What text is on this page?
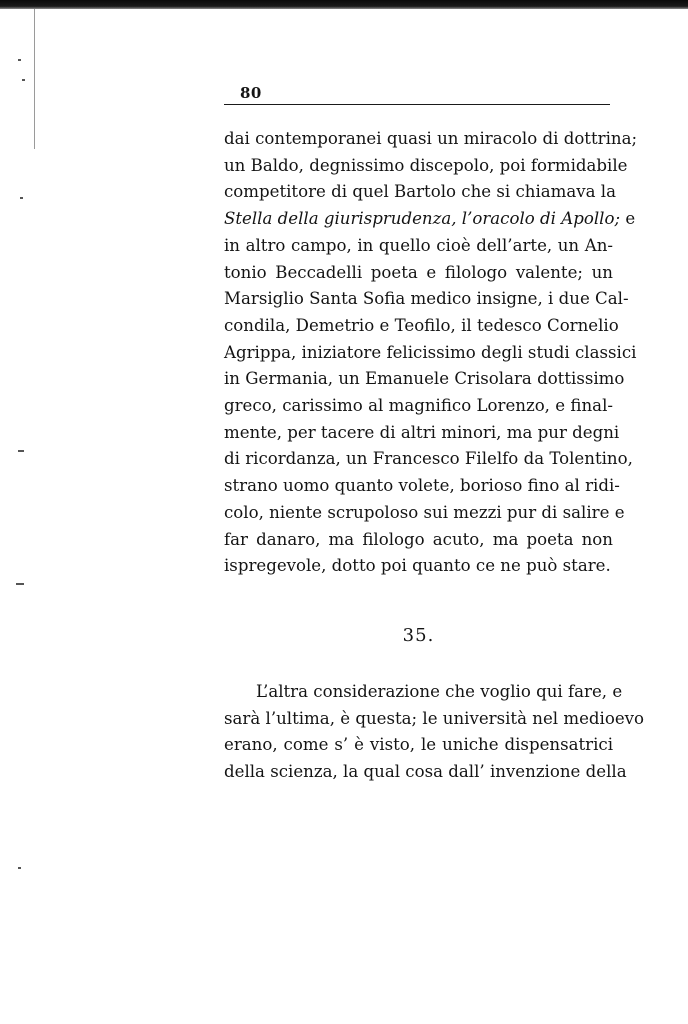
80
dai contemporanei quasi un miracolo di dottrina;
un Baldo, degnissimo discepolo, poi formidabile
competitore di quel Bartolo che si chiamava la
Stella della giurisprudenza, l’oracolo di Apollo; e
in altro campo, in quello cioè dell’arte, un An-
tonio Beccadelli poeta e filologo valente; un
Marsiglio Santa Sofia medico insigne, i due Cal-
condila, Demetrio e Teofilo, il tedesco Cornelio
Agrippa, iniziatore felicissimo degli studi classici
in Germania, un Emanuele Crisolara dottissimo
greco, carissimo al magnifico Lorenzo, e final-
mente, per tacere di altri minori, ma pur degni
di ricordanza, un Francesco Filelfo da Tolentino,
strano uomo quanto volete, borioso fino al ridi-
colo, niente scrupoloso sui mezzi pur di salire e
far danaro, ma filologo acuto, ma poeta non
ispregevole, dotto poi quanto ce ne può stare.
35.
L’altra considerazione che voglio qui fare, e
sarà l’ultima, è questa; le università nel medioevo
erano, come s’ è visto, le uniche dispensatrici
della scienza, la qual cosa dall’ invenzione della
